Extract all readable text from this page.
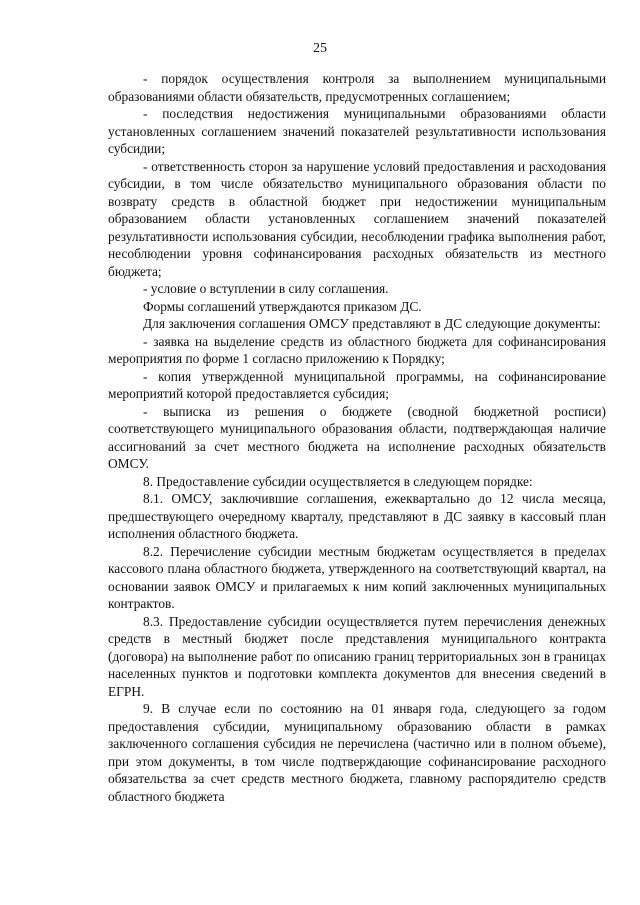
25

- порядок осуществления контроля за выполнением муниципальными образованиями области обязательств, предусмотренных соглашением;

- последствия недостижения муниципальными образованиями области установленных соглашением значений показателей результативности использования субсидии;

- ответственность сторон за нарушение условий предоставления и расходования субсидии, в том числе обязательство муниципального образования области по возврату средств в областной бюджет при недостижении муниципальным образованием области установленных соглашением значений показателей результативности использования субсидии, несоблюдении графика выполнения работ, несоблюдении уровня софинансирования расходных обязательств из местного бюджета;

- условие о вступлении в силу соглашения.

Формы соглашений утверждаются приказом ДС.

Для заключения соглашения ОМСУ представляют в ДС следующие документы:

- заявка на выделение средств из областного бюджета для софинансирования мероприятия по форме 1 согласно приложению к Порядку;

- копия утвержденной муниципальной программы, на софинансирование мероприятий которой предоставляется субсидия;

- выписка из решения о бюджете (сводной бюджетной росписи) соответствующего муниципального образования области, подтверждающая наличие ассигнований за счет местного бюджета на исполнение расходных обязательств ОМСУ.

8. Предоставление субсидии осуществляется в следующем порядке:

8.1. ОМСУ, заключившие соглашения, ежеквартально до 12 числа месяца, предшествующего очередному кварталу, представляют в ДС заявку в кассовый план исполнения областного бюджета.

8.2. Перечисление субсидии местным бюджетам осуществляется в пределах кассового плана областного бюджета, утвержденного на соответствующий квартал, на основании заявок ОМСУ и прилагаемых к ним копий заключенных муниципальных контрактов.

8.3. Предоставление субсидии осуществляется путем перечисления денежных средств в местный бюджет после представления муниципального контракта (договора) на выполнение работ по описанию границ территориальных зон в границах населенных пунктов и подготовки комплекта документов для внесения сведений в ЕГРН.

9. В случае если по состоянию на 01 января года, следующего за годом предоставления субсидии, муниципальному образованию области в рамках заключенного соглашения субсидия не перечислена (частично или в полном объеме), при этом документы, в том числе подтверждающие софинансирование расходного обязательства за счет средств местного бюджета, главному распорядителю средств областного бюджета
